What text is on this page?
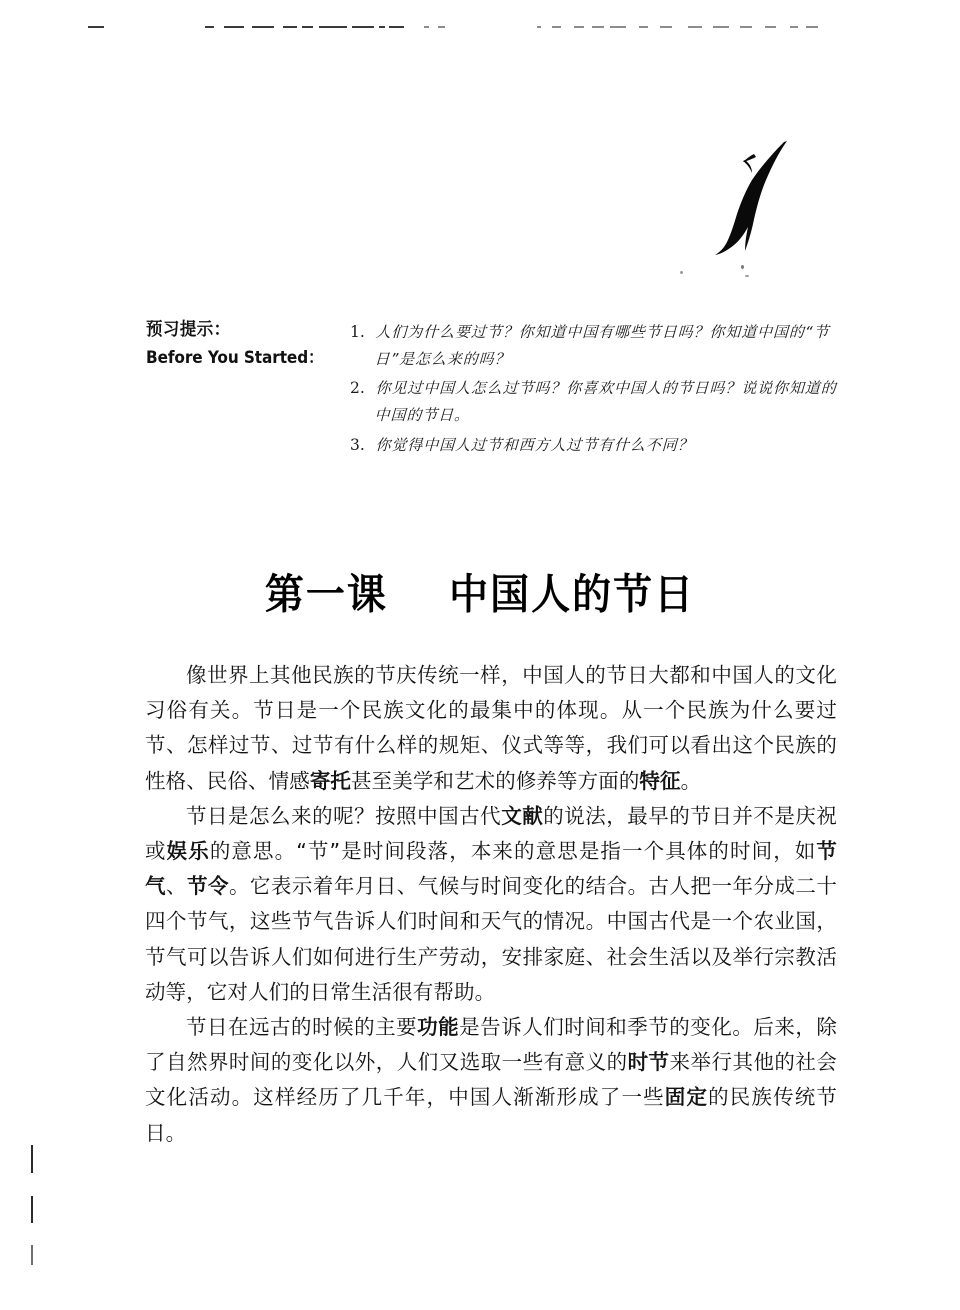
预习提示：
Before You Started：
1. 人们为什么要过节？你知道中国有哪些节日吗？你知道中国的“节日”是怎么来的吗？
2. 你见过中国人怎么过节吗？你喜欢中国人的节日吗？说说你知道的中国的节日。
3. 你觉得中国人过节和西方人过节有什么不同？
第一课 中国人的节日

像世界上其他民族的节庆传统一样，中国人的节日大都和中国人的文化习俗有关。节日是一个民族文化的最集中的体现。从一个民族为什么要过节、怎样过节、过节有什么样的规矩、仪式等等，我们可以看出这个民族的性格、民俗、情感寄托甚至美学和艺术的修养等方面的特征。

节日是怎么来的呢？按照中国古代文献的说法，最早的节日并不是庆祝或娱乐的意思。“节”是时间段落，本来的意思是指一个具体的时间，如节气、节令。它表示着年月日、气候与时间变化的结合。古人把一年分成二十四个节气，这些节气告诉人们时间和天气的情况。中国古代是一个农业国，节气可以告诉人们如何进行生产劳动，安排家庭、社会生活以及举行宗教活动等，它对人们的日常生活很有帮助。

节日在远古的时候的主要功能是告诉人们时间和季节的变化。后来，除了自然界时间的变化以外，人们又选取一些有意义的时节来举行其他的社会文化活动。这样经历了几千年，中国人渐渐形成了一些固定的民族传统节日。
